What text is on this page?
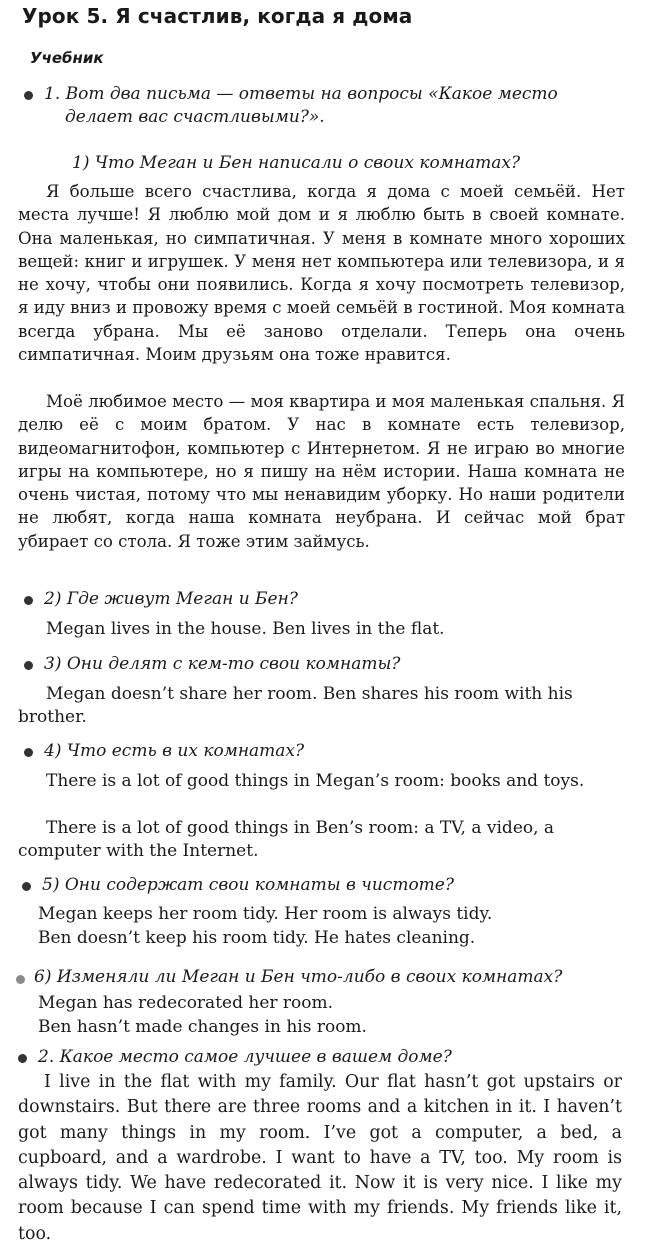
Урок 5. Я счастлив, когда я дома
Учебник

1. Вот два письма — ответы на вопросы «Какое место

делает вас счастливыми?».

1) Что Меган и Бен написали о своих комнатах?

Я больше всего счастлива, когда я дома с моей семьёй. Нет места лучше! Я люблю мой дом и я люблю быть в своей комнате. Она маленькая, но симпатичная. У меня в комнате много хороших вещей: книг и игрушек. У меня нет компьютера или телевизора, и я не хочу, чтобы они появились. Когда я хочу посмотреть телевизор, я иду вниз и провожу время с моей семьёй в гостиной. Моя комната всегда убрана. Мы её заново отделали. Теперь она очень симпатичная. Моим друзьям она тоже нравится.

Моё любимое место — моя квартира и моя маленькая спальня. Я делю её с моим братом. У нас в комнате есть телевизор, видеомагнитофон, компьютер с Интернетом. Я не играю во многие игры на компьютере, но я пишу на нём истории. Наша комната не очень чистая, потому что мы ненавидим уборку. Но наши родители не любят, когда наша комната неубрана. И сейчас мой брат убирает со стола. Я тоже этим займусь.

2) Где живут Меган и Бен?

Megan lives in the house. Ben lives in the flat.

3) Они делят с кем-то свои комнаты?

Megan doesn’t share her room. Ben shares his room with his brother.

4) Что есть в их комнатах?

There is a lot of good things in Megan’s room: books and toys.

There is a lot of good things in Ben’s room: a TV, a video, a computer with the Internet.

5) Они содержат свои комнаты в чистоте?

Megan keeps her room tidy. Her room is always tidy.

Ben doesn’t keep his room tidy. He hates cleaning.

6) Изменяли ли Меган и Бен что-либо в своих комнатах?

Megan has redecorated her room.

Ben hasn’t made changes in his room.

2. Какое место самое лучшее в вашем доме?

I live in the flat with my family. Our flat hasn’t got upstairs or downstairs. But there are three rooms and a kitchen in it. I haven’t got many things in my room. I’ve got a computer, a bed, a cupboard, and a wardrobe. I want to have a TV, too. My room is always tidy. We have redecorated it. Now it is very nice. I like my room because I can spend time with my friends. My friends like it, too.
